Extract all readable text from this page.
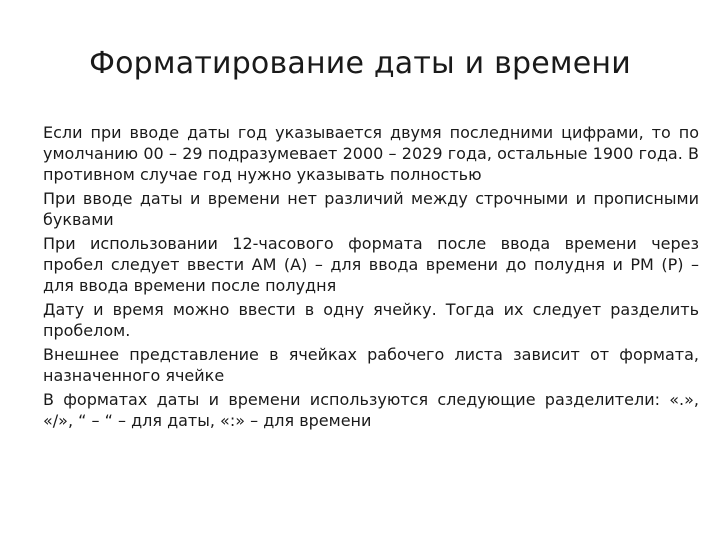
Форматирование даты и времени

Если при вводе даты год указывается двумя последними цифрами, то по умолчанию 00 – 29 подразумевает 2000 – 2029 года, остальные 1900 года. В противном случае год нужно указывать полностью

При вводе даты и времени нет различий между строчными и прописными буквами

При использовании 12-часового формата после ввода времени через пробел следует ввести AM (A) – для ввода времени до полудня и PM (P) – для ввода времени после полудня

Дату и время можно ввести в одну ячейку. Тогда их следует разделить пробелом.

Внешнее представление в ячейках рабочего листа зависит от формата, назначенного ячейке

В форматах даты и времени используются следующие разделители: «.», «/», “ – “ – для даты, «:» – для времени
